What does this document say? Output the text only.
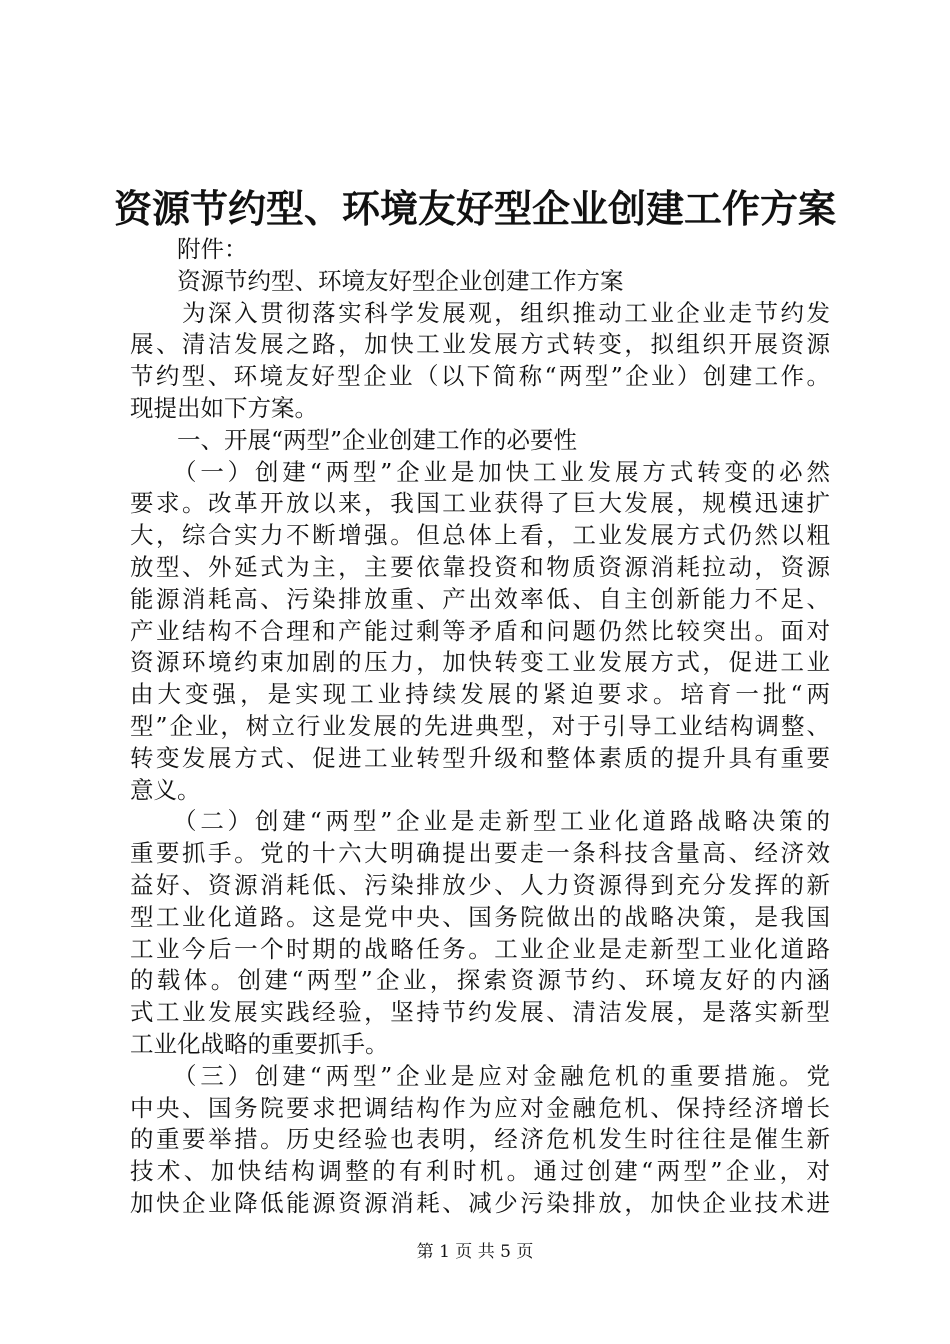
资源节约型、环境友好型企业创建工作方案
　　附件：
　　资源节约型、环境友好型企业创建工作方案
　　为深入贯彻落实科学发展观，组织推动工业企业走节约发
展、清洁发展之路，加快工业发展方式转变，拟组织开展资源
节约型、环境友好型企业（以下简称“两型”企业）创建工作。
现提出如下方案。
　　一、开展“两型”企业创建工作的必要性
　　（一）创建“两型”企业是加快工业发展方式转变的必然
要求。改革开放以来，我国工业获得了巨大发展，规模迅速扩
大，综合实力不断增强。但总体上看，工业发展方式仍然以粗
放型、外延式为主，主要依靠投资和物质资源消耗拉动，资源
能源消耗高、污染排放重、产出效率低、自主创新能力不足、
产业结构不合理和产能过剩等矛盾和问题仍然比较突出。面对
资源环境约束加剧的压力，加快转变工业发展方式，促进工业
由大变强，是实现工业持续发展的紧迫要求。培育一批“两
型”企业，树立行业发展的先进典型，对于引导工业结构调整、
转变发展方式、促进工业转型升级和整体素质的提升具有重要
意义。
　　（二）创建“两型”企业是走新型工业化道路战略决策的
重要抓手。党的十六大明确提出要走一条科技含量高、经济效
益好、资源消耗低、污染排放少、人力资源得到充分发挥的新
型工业化道路。这是党中央、国务院做出的战略决策，是我国
工业今后一个时期的战略任务。工业企业是走新型工业化道路
的载体。创建“两型”企业，探索资源节约、环境友好的内涵
式工业发展实践经验，坚持节约发展、清洁发展，是落实新型
工业化战略的重要抓手。
　　（三）创建“两型”企业是应对金融危机的重要措施。党
中央、国务院要求把调结构作为应对金融危机、保持经济增长
的重要举措。历史经验也表明，经济危机发生时往往是催生新
技术、加快结构调整的有利时机。通过创建“两型”企业，对
加快企业降低能源资源消耗、减少污染排放，加快企业技术进
第 1 页 共 5 页
